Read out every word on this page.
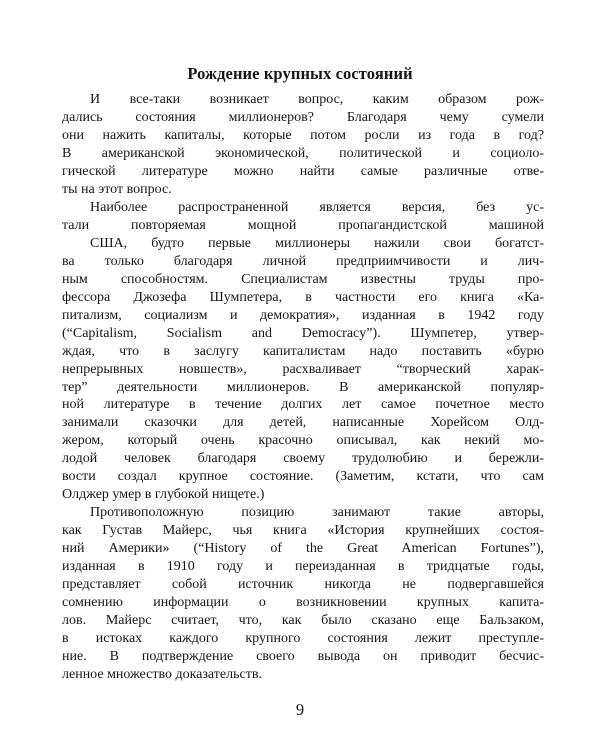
Рождение крупных состояний
И все-таки возникает вопрос, каким образом рож-
дались состояния миллионеров? Благодаря чему сумели
они нажить капиталы, которые потом росли из года в год?
В американской экономической, политической и социоло-
гической литературе можно найти самые различные отве-
ты на этот вопрос.
Наиболее распространенной является версия, без ус-
тали повторяемая мощной пропагандистской машиной
США, будто первые миллионеры нажили свои богатст-
ва только благодаря личной предприимчивости и лич-
ным способностям. Специалистам известны труды про-
фессора Джозефа Шумпетера, в частности его книга «Ка-
питализм, социализм и демократия», изданная в 1942 году
(“Capitalism, Socialism and Democracy”). Шумпетер, утвер-
ждая, что в заслугу капиталистам надо поставить «бурю
непрерывных новшеств», расхваливает “творческий харак-
тер” деятельности миллионеров. В американской популяр-
ной литературе в течение долгих лет самое почетное место
занимали сказочки для детей, написанные Хорейсом Олд-
жером, который очень красочно описывал, как некий мо-
лодой человек благодаря своему трудолюбию и бережли-
вости создал крупное состояние. (Заметим, кстати, что сам
Олджер умер в глубокой нищете.)
Противоположную позицию занимают такие авторы,
как Густав Майерс, чья книга «История крупнейших состоя-
ний Америки» (“History of the Great American Fortunes”),
изданная в 1910 году и переизданная в тридцатые годы,
представляет собой источник никогда не подвергавшейся
сомнению информации о возникновении крупных капита-
лов. Майерс считает, что, как было сказано еще Бальзаком,
в истоках каждого крупного состояния лежит преступле-
ние. В подтверждение своего вывода он приводит бесчис-
ленное множество доказательств.
9
